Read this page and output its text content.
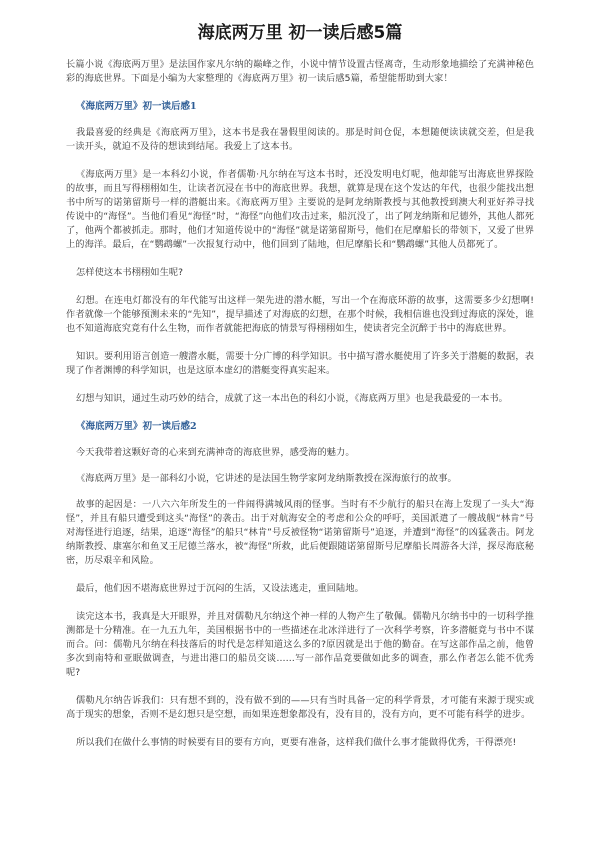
海底两万里 初一读后感5篇

长篇小说《海底两万里》是法国作家凡尔纳的巅峰之作，小说中情节设置古怪离奇，生动形象地描绘了充满神秘色彩的海底世界。下面是小编为大家整理的《海底两万里》初一读后感5篇，希望能帮助到大家！

《海底两万里》初一读后感1

我最喜爱的经典是《海底两万里》，这本书是我在暑假里阅读的。那是时间仓促，本想随便读读就交差，但是我一读开头，就迫不及待的想读到结尾。我爱上了这本书。

《海底两万里》是一本科幻小说，作者儒勒·凡尔纳在写这本书时，还没发明电灯呢，他却能写出海底世界探险的故事，而且写得栩栩如生，让读者沉浸在书中的海底世界。我想，就算是现在这个发达的年代，也很少能找出想书中所写的诺第留斯号一样的潜艇出来。《海底两万里》主要说的是阿龙纳斯教授与其他教授到澳大利亚好养寻找传说中的“海怪”。当他们看见“海怪”时，“海怪”向他们攻击过来，船沉没了，出了阿龙纳斯和尼德外，其他人都死了，他两个都被抓走。那时，他们才知道传说中的“海怪”就是诺第留斯号，他们在尼摩船长的带领下，又爱了世界上的海洋。最后，在“鹦鹉螺”一次报复行动中，他们回到了陆地，但尼摩船长和“鹦鹉螺”其他人员都死了。

怎样使这本书栩栩如生呢?

幻想。在连电灯都没有的年代能写出这样一架先进的潜水艇，写出一个在海底环游的故事，这需要多少幻想啊!作者就像一个能够预测未来的“先知”，提早描述了对海底的幻想，在那个时候，我相信谁也没到过海底的深处，谁也不知道海底究竟有什么生物，而作者就能把海底的情景写得栩栩如生，使读者完全沉醉于书中的海底世界。

知识。要利用语言创造一艘潜水艇，需要十分广博的科学知识。书中描写潜水艇使用了许多关于潜艇的数据，表现了作者渊博的科学知识，也是这原本虚幻的潜艇变得真实起来。

幻想与知识，通过生动巧妙的结合，成就了这一本出色的科幻小说，《海底两万里》也是我最爱的一本书。

《海底两万里》初一读后感2

今天我带着这颗好奇的心来到充满神奇的海底世界，感受海的魅力。

《海底两万里》是一部科幻小说，它讲述的是法国生物学家阿龙纳斯教授在深海旅行的故事。

故事的起因是：一八六六年所发生的一件闹得满城风雨的怪事。当时有不少航行的船只在海上发现了一头大“海怪”，并且有船只遭受到这头“海怪”的袭击。出于对航海安全的考虑和公众的呼吁，美国派遣了一艘战舰“林肯”号对海怪进行追逐，结果，追逐“海怪”的船只“林肯”号反被怪物“诺第留斯号”追逐，并遭到“海怪”的凶猛袭击。阿龙纳斯教授、康塞尔和鱼叉王尼德兰落水，被“海怪”所救，此后便跟随诺第留斯号尼摩船长周游各大洋，探尽海底秘密，历尽艰辛和风险。

最后，他们因不堪海底世界过于沉闷的生活，又设法逃走，重回陆地。

读完这本书，我真是大开眼界，并且对儒勒凡尔纳这个神一样的人物产生了敬佩。儒勒凡尔纳书中的一切科学推测都是十分精准。在一九五九年，美国根据书中的一些描述在北冰洋进行了一次科学考察，许多潜艇竟与书中不谋而合。问：儒勒凡尔纳在科技落后的时代是怎样知道这么多的?原因就是出于他的勤奋。在写这部作品之前，他曾多次到南特和亚眠做调查，与进出港口的船员交谈……写一部作品竟要做如此多的调查，那么作者怎么能不优秀呢?

儒勒凡尔纳告诉我们：只有想不到的，没有做不到的——只有当时具备一定的科学背景，才可能有来源于现实或高于现实的想象，否则不是幻想只是空想，而如果连想象都没有，没有目的，没有方向，更不可能有科学的进步。

所以我们在做什么事情的时候要有目的要有方向，更要有准备，这样我们做什么事才能做得优秀，干得漂亮!
